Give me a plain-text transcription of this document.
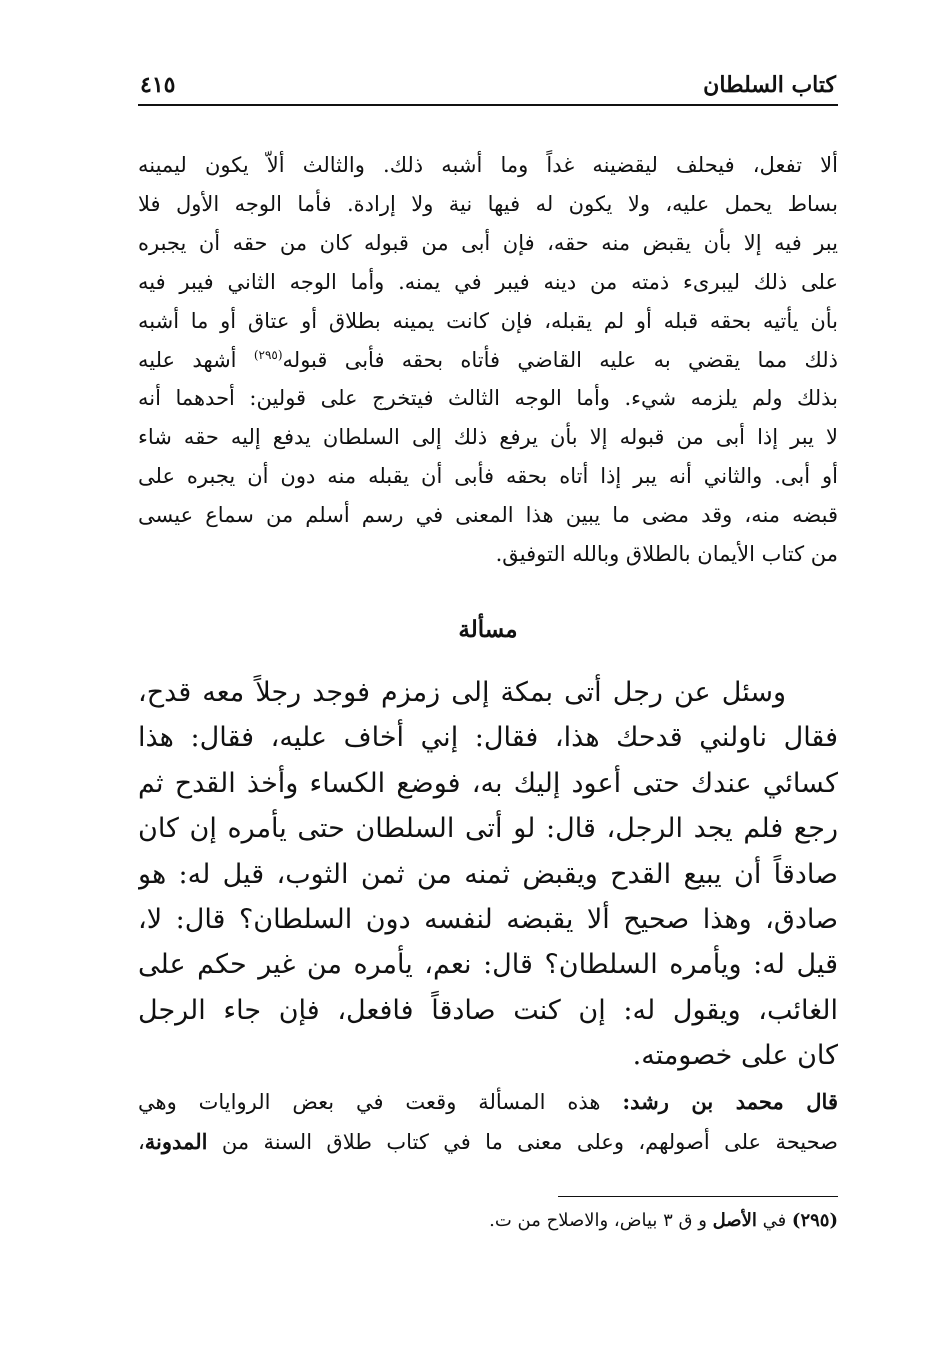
كتاب السلطان
٤١٥
ألا تفعل، فيحلف ليقضينه غداً وما أشبه ذلك. والثالث ألاّ يكون ليمينه
بساط يحمل عليه، ولا يكون له فيها نية ولا إرادة. فأما الوجه الأول فلا
يبر فيه إلا بأن يقبض منه حقه، فإن أبى من قبوله كان من حقه أن يجبره
على ذلك ليبرىء ذمته من دينه فيبر في يمنه. وأما الوجه الثاني فيبر فيه
بأن يأتيه بحقه قبله أو لم يقبله، فإن كانت يمينه بطلاق أو عتاق أو ما أشبه
ذلك مما يقضي به عليه القاضي فأتاه بحقه فأبى قبوله$^{(٢٩٥)}$ أشهد عليه
بذلك ولم يلزمه شيء. وأما الوجه الثالث فيتخرج على قولين: أحدهما أنه
لا يبر إذا أبى من قبوله إلا بأن يرفع ذلك إلى السلطان يدفع إليه حقه شاء
أو أبى. والثاني أنه يبر إذا أتاه بحقه فأبى أن يقبله منه دون أن يجبره على
قبضه منه، وقد مضى ما يبين هذا المعنى في رسم أسلم من سماع عيسى
من كتاب الأيمان بالطلاق وبالله التوفيق.
مسألة
وسئل عن رجل أتى بمكة إلى زمزم فوجد رجلاً معه قدح،
فقال ناولني قدحك هذا، فقال: إني أخاف عليه، فقال: هذا
كسائي عندك حتى أعود إليك به، فوضع الكساء وأخذ القدح ثم
رجع فلم يجد الرجل، قال: لو أتى السلطان حتى يأمره إن كان
صادقاً أن يبيع القدح ويقبض ثمنه من ثمن الثوب، قيل له: هو
صادق، وهذا صحيح ألا يقبضه لنفسه دون السلطان؟ قال: لا،
قيل له: ويأمره السلطان؟ قال: نعم، يأمره من غير حكم على
الغائب، ويقول له: إن كنت صادقاً فافعل، فإن جاء الرجل
كان على خصومته.
قال محمد بن رشد: هذه المسألة وقعت في بعض الروايات وهي
صحيحة على أصولهم، وعلى معنى ما في كتاب طلاق السنة من المدونة،
(٢٩٥) في الأصل و ق ٣ بياض، والاصلاح من ت.
